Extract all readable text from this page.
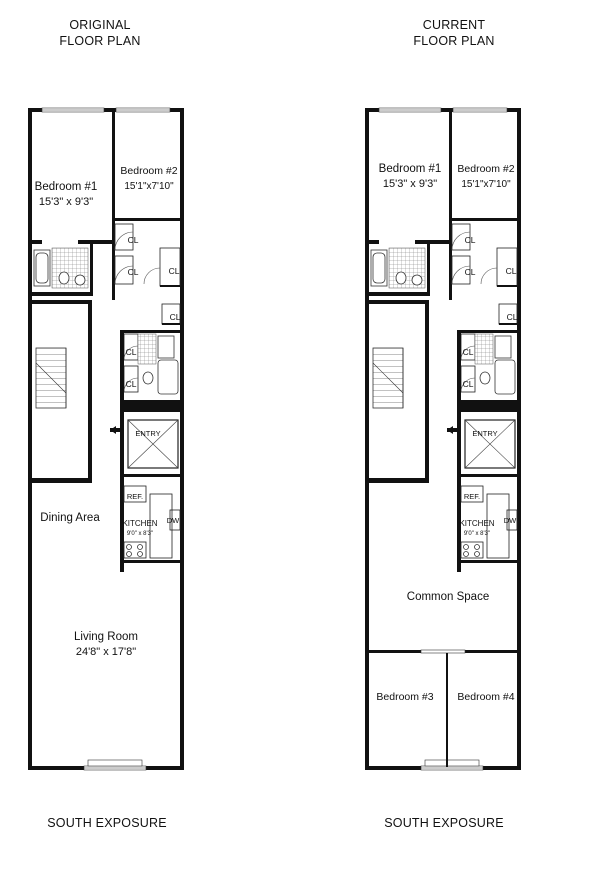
ORIGINAL
FLOOR PLAN
Bedroom #1
15'3" x 9'3"
Bedroom #2
15'1"x7'10"
CL
CL	CL
CL
CL
CL
ENTRY
REF.
KITCHEN
9'0" x 8'3"
DW
Dining Area
Living Room
24'8" x 17'8"
SOUTH EXPOSURE
CURRENT
FLOOR PLAN
Bedroom #1
15'3" x 9'3"
Bedroom #2
15'1"x7'10"
CL
CL	CL
CL
CL
CL
ENTRY
REF.
KITCHEN
9'0" x 8'3"
DW
Common Space
Bedroom #3 Bedroom #4
SOUTH EXPOSURE
